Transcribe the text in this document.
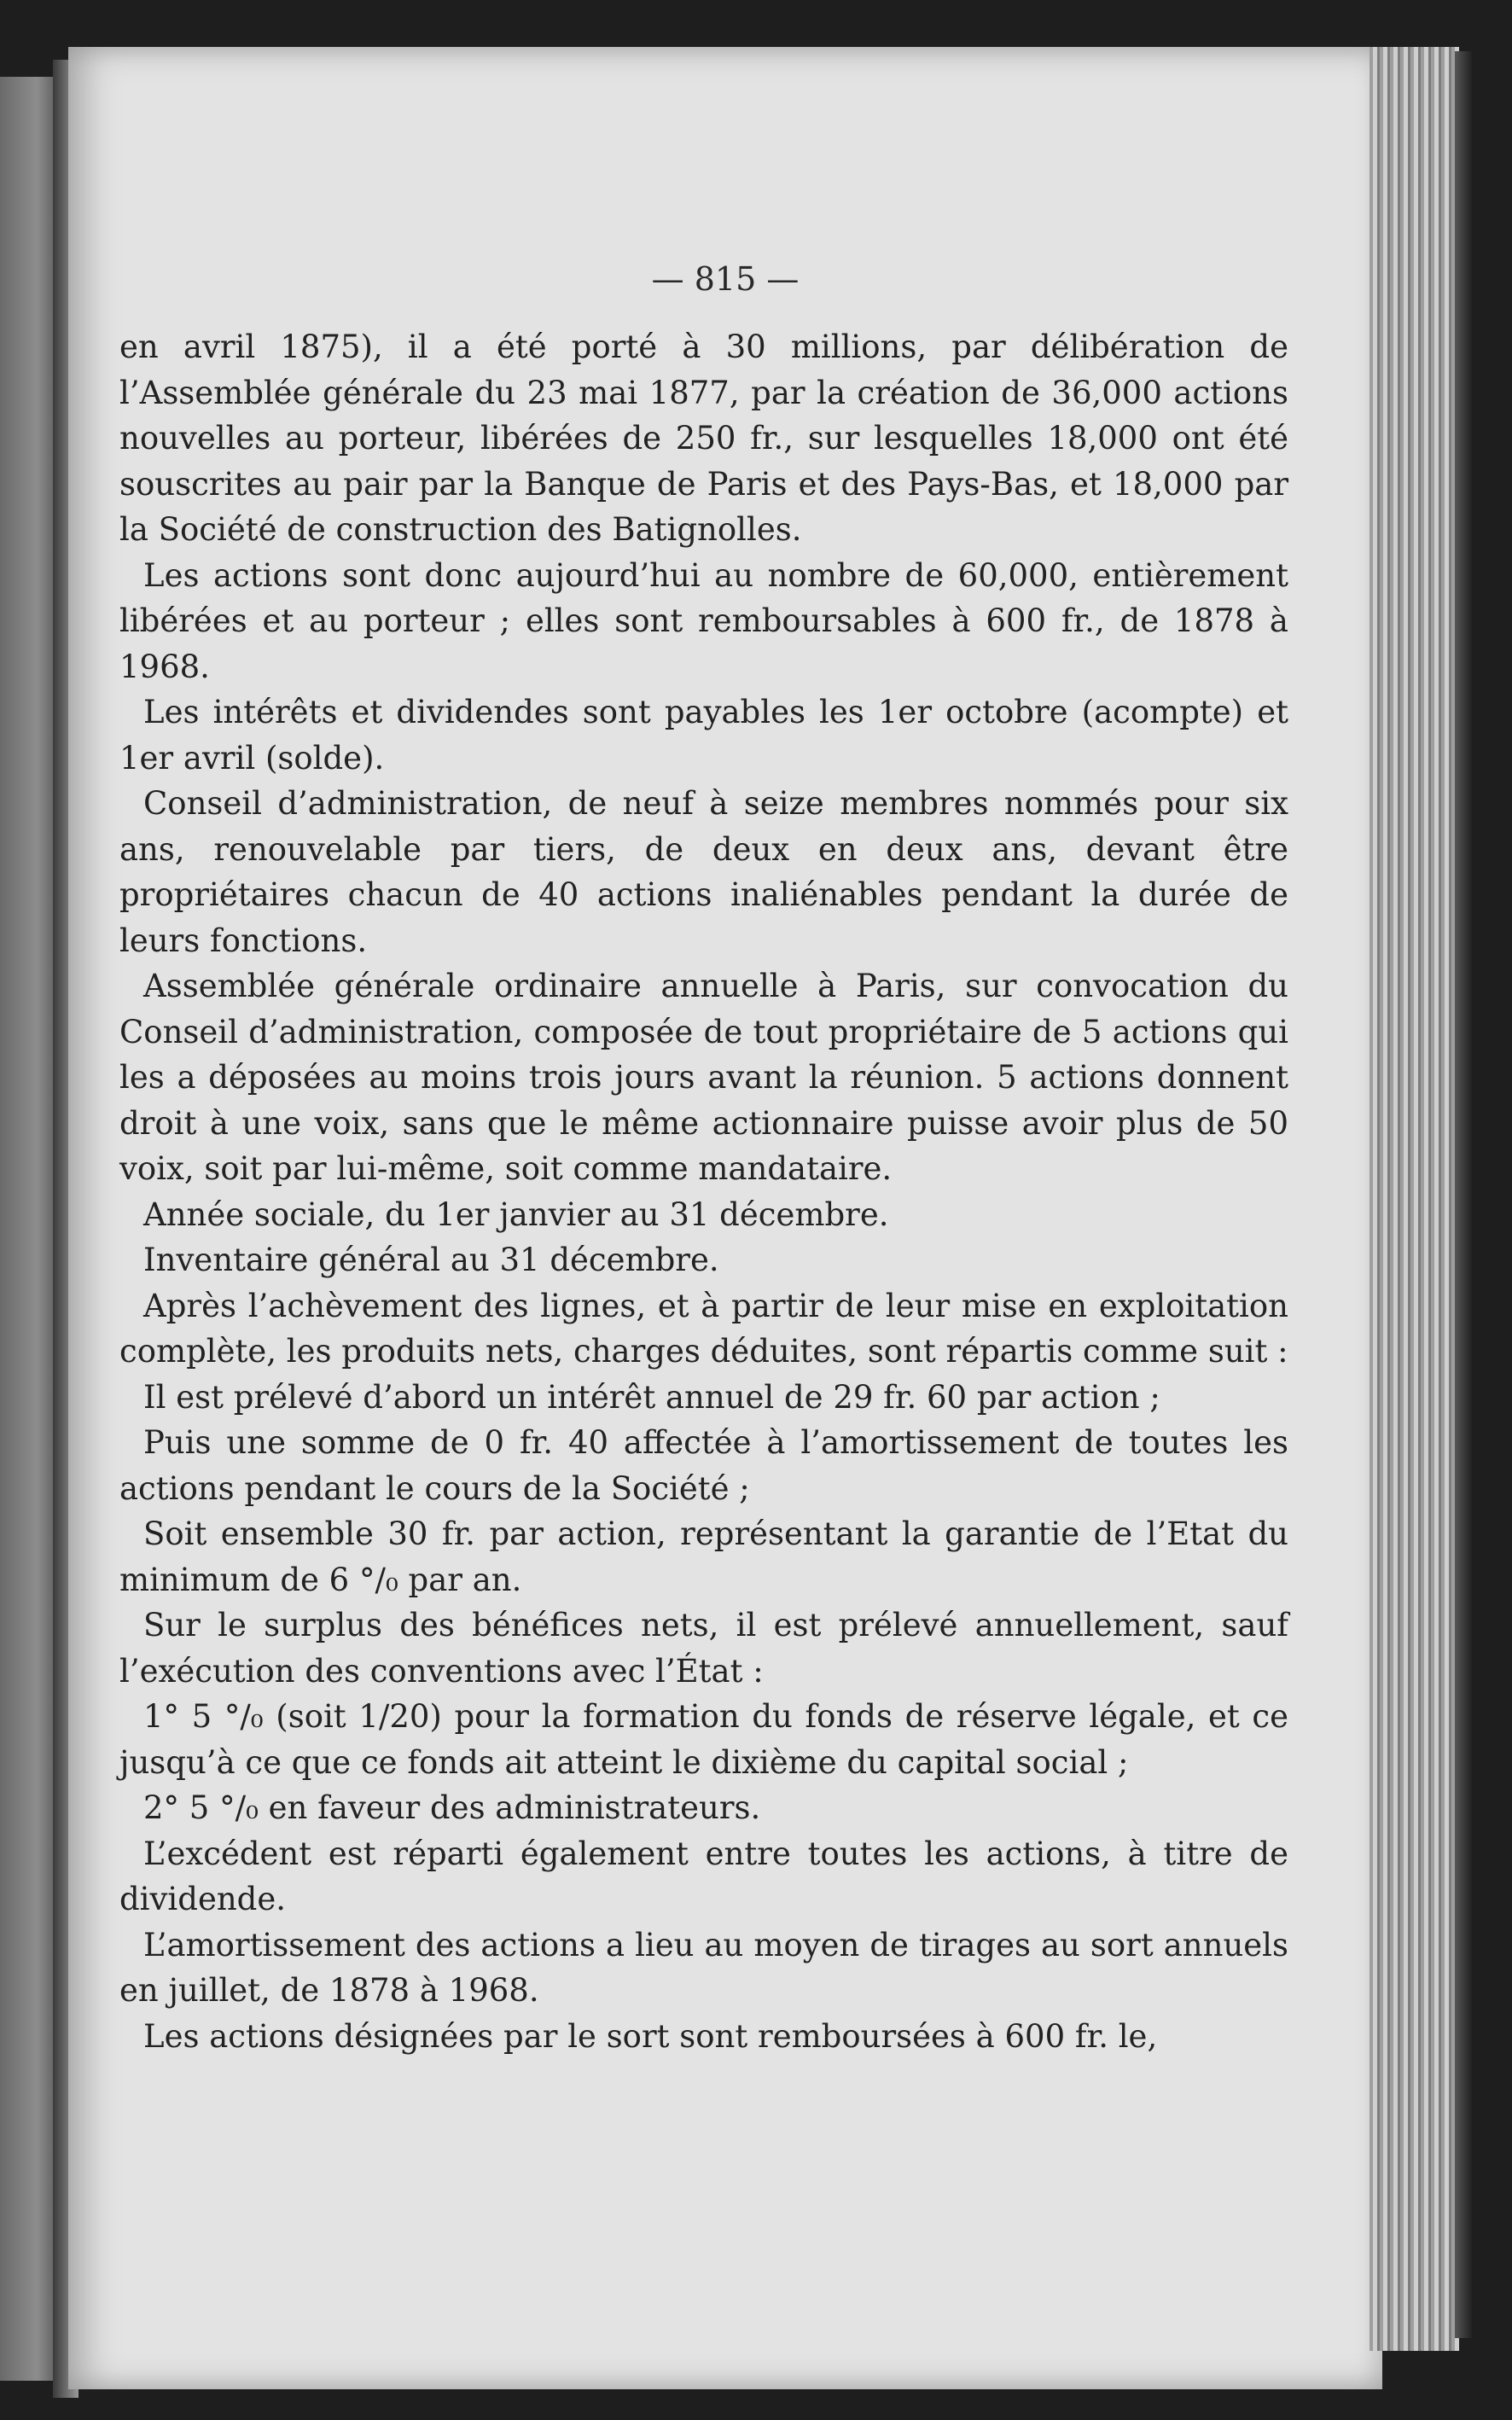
— 815 —

en avril 1875), il a été porté à 30 millions, par délibération de l’Assemblée générale du 23 mai 1877, par la création de 36,000 actions nouvelles au porteur, libérées de 250 fr., sur lesquelles 18,000 ont été souscrites au pair par la Banque de Paris et des Pays-Bas, et 18,000 par la Société de construction des Batignolles.

Les actions sont donc aujourd’hui au nombre de 60,000, entièrement libérées et au porteur ; elles sont remboursables à 600 fr., de 1878 à 1968.

Les intérêts et dividendes sont payables les 1er octobre (acompte) et 1er avril (solde).

Conseil d’administration, de neuf à seize membres nommés pour six ans, renouvelable par tiers, de deux en deux ans, devant être propriétaires chacun de 40 actions inaliénables pendant la durée de leurs fonctions.

Assemblée générale ordinaire annuelle à Paris, sur convocation du Conseil d’administration, composée de tout propriétaire de 5 actions qui les a déposées au moins trois jours avant la réunion. 5 actions donnent droit à une voix, sans que le même actionnaire puisse avoir plus de 50 voix, soit par lui-même, soit comme mandataire.

Année sociale, du 1er janvier au 31 décembre.

Inventaire général au 31 décembre.

Après l’achèvement des lignes, et à partir de leur mise en exploitation complète, les produits nets, charges déduites, sont répartis comme suit :

Il est prélevé d’abord un intérêt annuel de 29 fr. 60 par action ;

Puis une somme de 0 fr. 40 affectée à l’amortissement de toutes les actions pendant le cours de la Société ;

Soit ensemble 30 fr. par action, représentant la garantie de l’Etat du minimum de 6 °/₀ par an.

Sur le surplus des bénéfices nets, il est prélevé annuellement, sauf l’exécution des conventions avec l’État :

1° 5 °/₀ (soit 1/20) pour la formation du fonds de réserve légale, et ce jusqu’à ce que ce fonds ait atteint le dixième du capital social ;

2° 5 °/₀ en faveur des administrateurs.

L’excédent est réparti également entre toutes les actions, à titre de dividende.

L’amortissement des actions a lieu au moyen de tirages au sort annuels en juillet, de 1878 à 1968.

Les actions désignées par le sort sont remboursées à 600 fr. le,
